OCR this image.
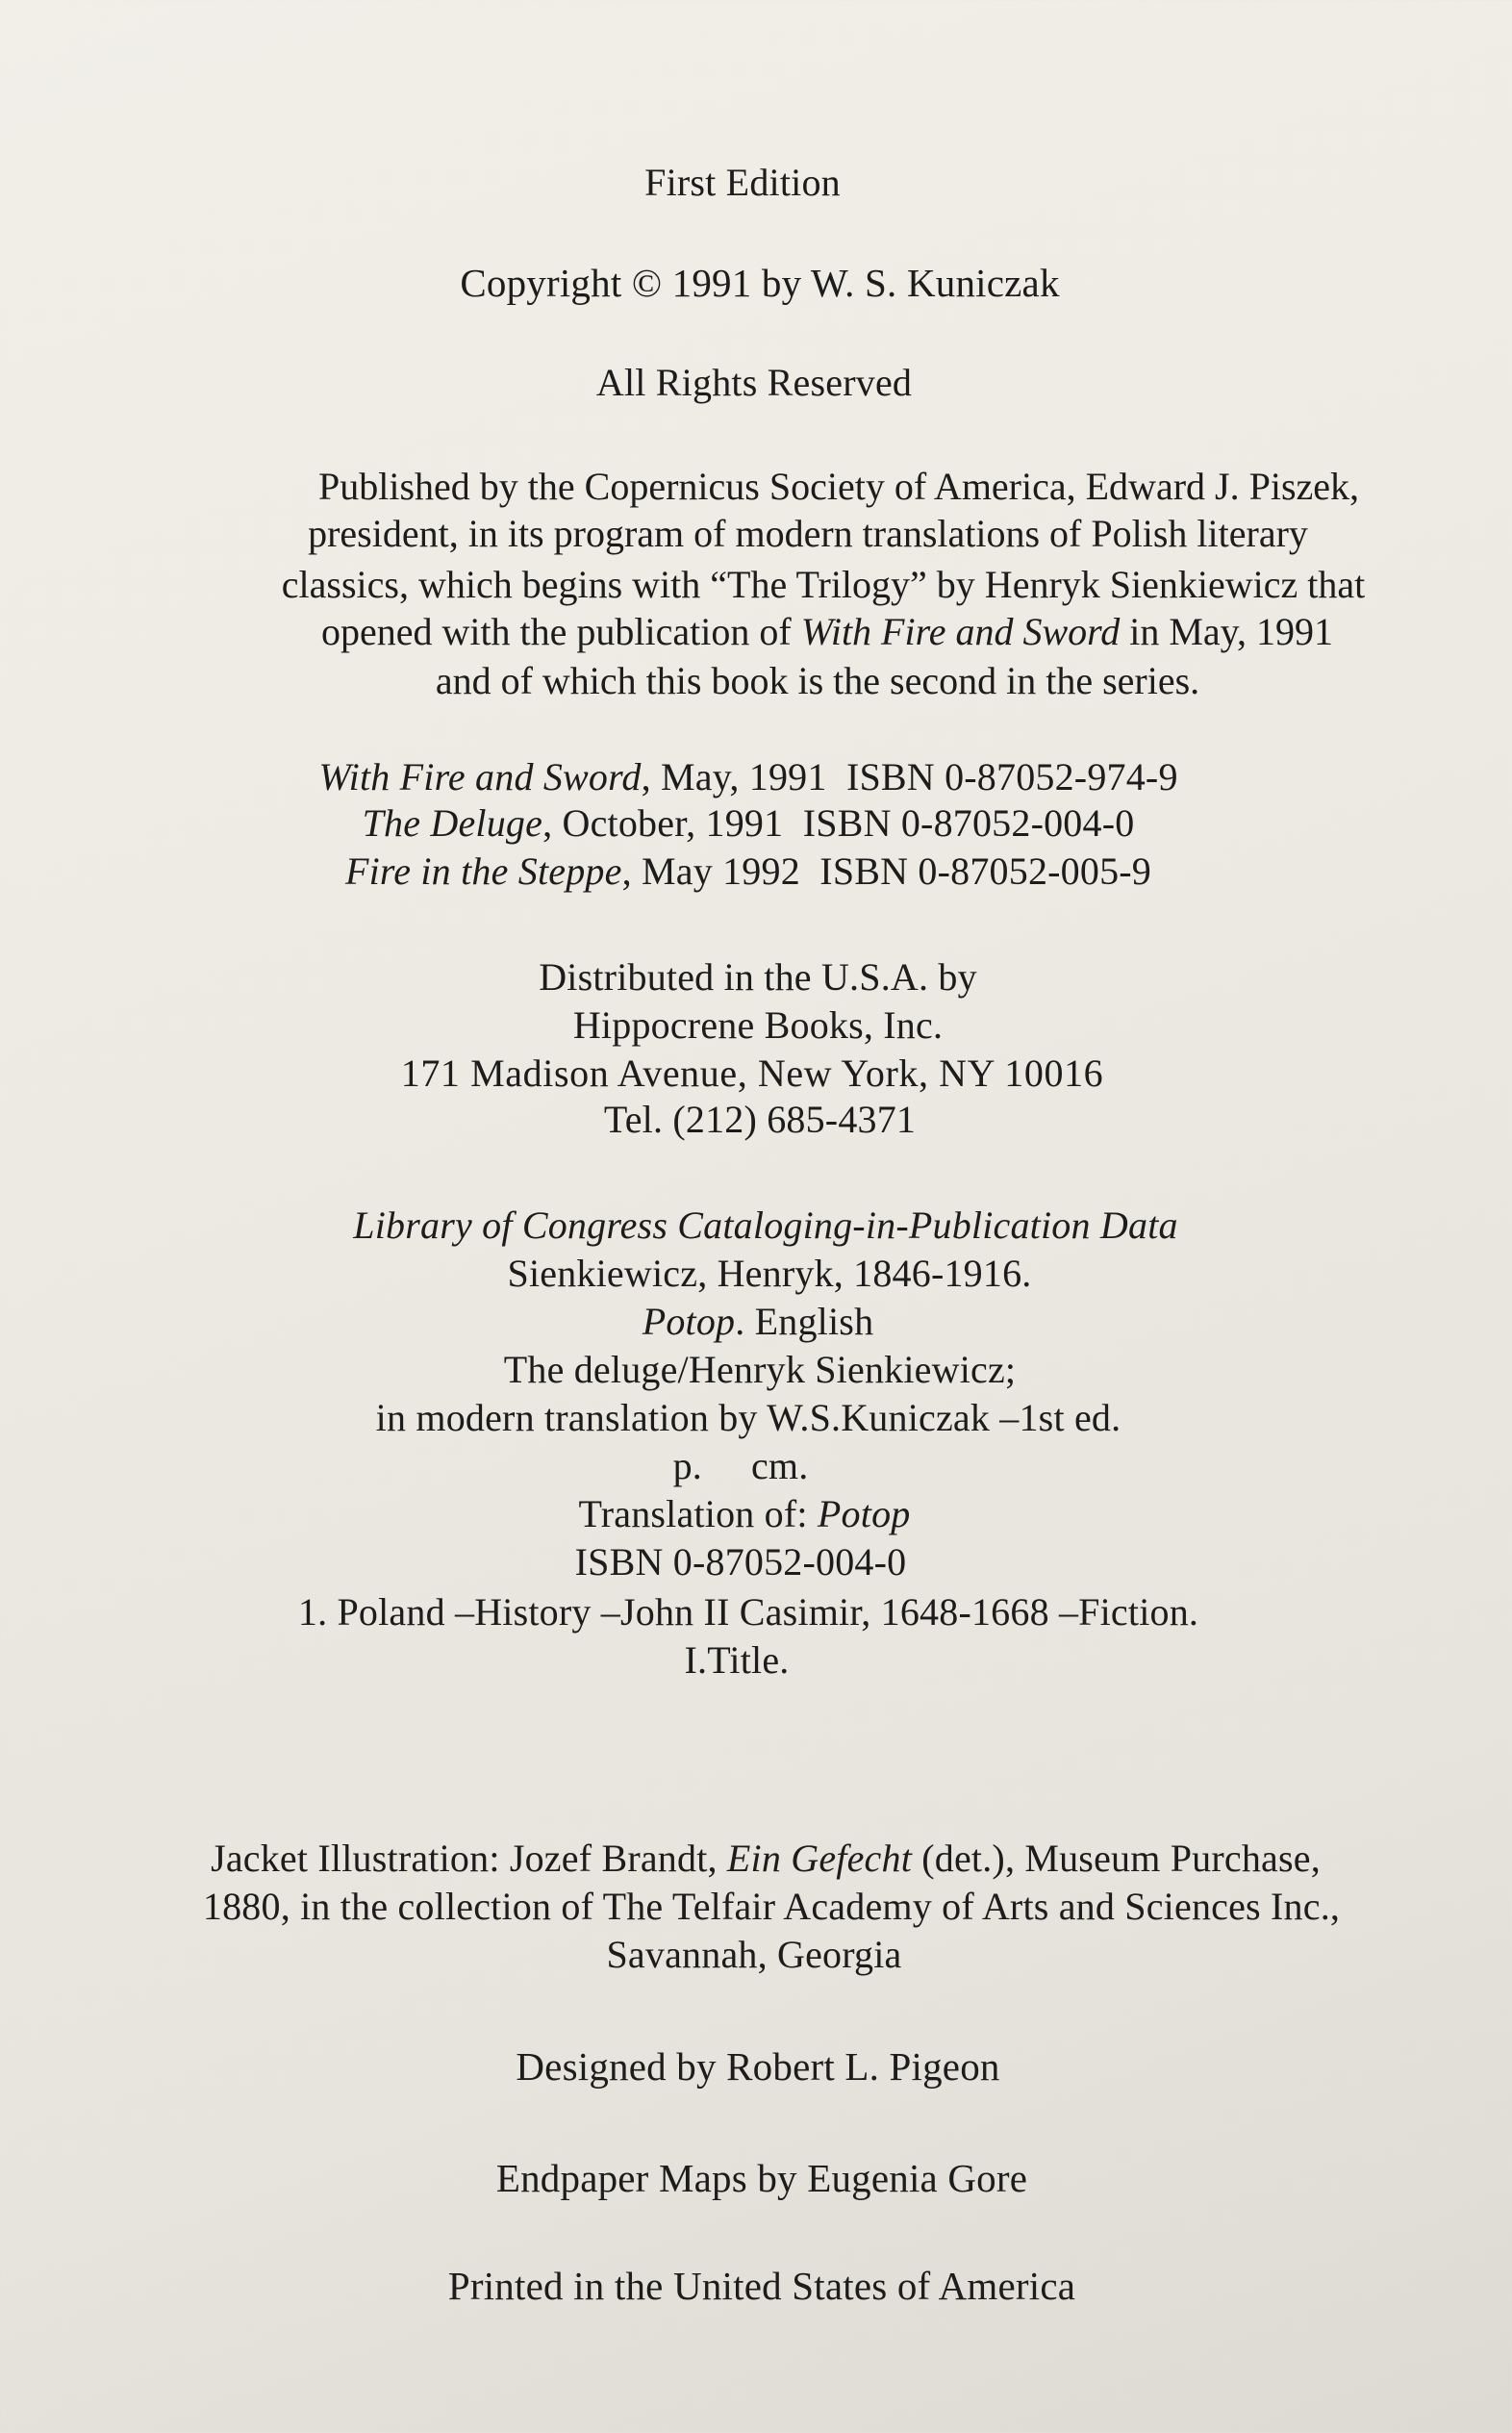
First Edition
Copyright © 1991 by W. S. Kuniczak
All Rights Reserved
Published by the Copernicus Society of America, Edward J. Piszek,
president, in its program of modern translations of Polish literary
classics, which begins with “The Trilogy” by Henryk Sienkiewicz that
opened with the publication of With Fire and Sword in May, 1991
and of which this book is the second in the series.
With Fire and Sword, May, 1991  ISBN 0-87052-974-9
The Deluge, October, 1991  ISBN 0-87052-004-0
Fire in the Steppe, May 1992  ISBN 0-87052-005-9
Distributed in the U.S.A. by
Hippocrene Books, Inc.
171 Madison Avenue, New York, NY 10016
Tel. (212) 685-4371
Library of Congress Cataloging-in-Publication Data
Sienkiewicz, Henryk, 1846-1916.
Potop. English
The deluge/Henryk Sienkiewicz;
in modern translation by W.S.Kuniczak –1st ed.
p.     cm.
Translation of: Potop
ISBN 0-87052-004-0
1. Poland –History –John II Casimir, 1648-1668 –Fiction.
I.Title.
Jacket Illustration: Jozef Brandt, Ein Gefecht (det.), Museum Purchase,
1880, in the collection of The Telfair Academy of Arts and Sciences Inc.,
Savannah, Georgia
Designed by Robert L. Pigeon
Endpaper Maps by Eugenia Gore
Printed in the United States of America
